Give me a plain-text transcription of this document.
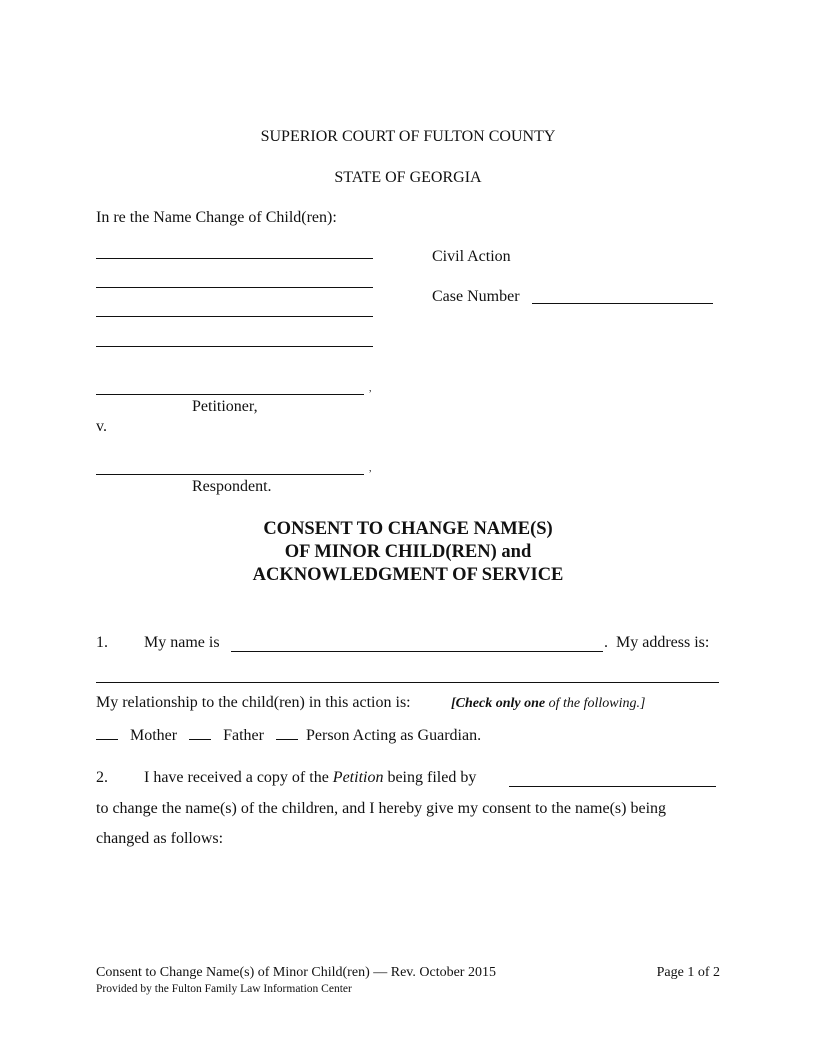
SUPERIOR COURT OF FULTON COUNTY
STATE OF GEORGIA
In re the Name Change of Child(ren):
Civil Action
Case Number
,
Petitioner,
v.
,
Respondent.
CONSENT TO CHANGE NAME(S)
OF MINOR CHILD(REN) and
ACKNOWLEDGMENT OF SERVICE
1. My name is	. My address is:
My relationship to the child(ren) in this action is:	[Check only one of the following.]
Mother	Father	Person Acting as Guardian.
2. I have received a copy of the Petition being filed by
to change the name(s) of the children, and I hereby give my consent to the name(s) being
changed as follows:
Consent to Change Name(s) of Minor Child(ren) — Rev. October 2015	Page 1 of 2
Provided by the Fulton Family Law Information Center
